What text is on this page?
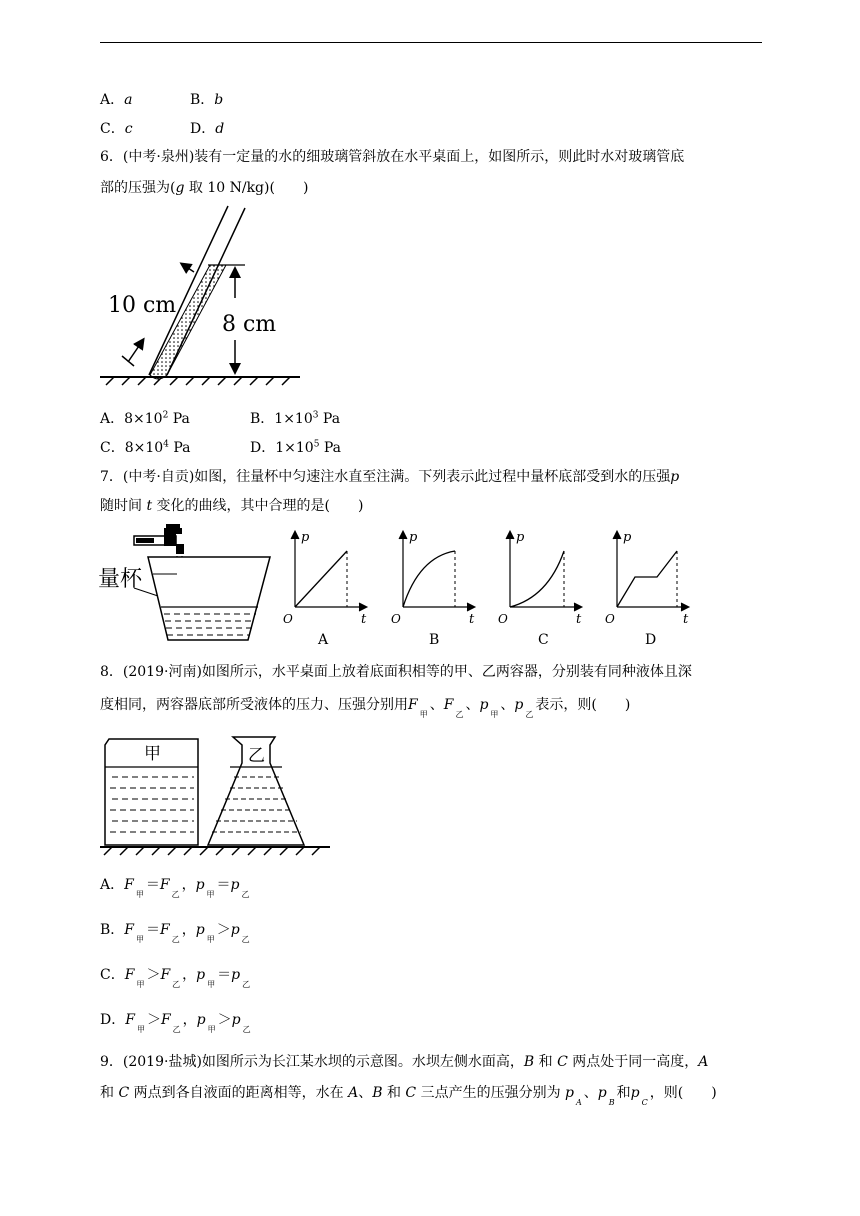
A．a	B．b
C．c	D．d
6．(中考·泉州)装有一定量的水的细玻璃管斜放在水平桌面上，如图所示，则此时水对玻璃管底
部的压强为(g 取 10 N/kg)(　　)
10 cm
8 cm
A．$8\times 10^2$ Pa	B．$1\times 10^3$ Pa
C．$8\times 10^4$ Pa	D．$1\times 10^5$ Pa
7．(中考·自贡)如图，往量杯中匀速注水直至注满。下列表示此过程中量杯底部受到水的压强p
随时间 t 变化的曲线，其中合理的是(　　)
量杯
p
t
O
A
p
t
O
B
p
t
O
C
p
t
O
D
8．(2019·河南)如图所示，水平桌面上放着底面积相等的甲、乙两容器，分别装有同种液体且深
度相同，两容器底部所受液体的压力、压强分别用$F_甲$、$F_乙$、$p_甲$、$p_乙$表示，则(　　)
甲	乙
A．$F_甲=F_乙$，$p_甲=p_乙$
B．$F_甲=F_乙$，$p_甲>p_乙$
C．$F_甲>F_乙$，$p_甲=p_乙$
D．$F_甲>F_乙$，$p_甲>p_乙$
9．(2019·盐城)如图所示为长江某水坝的示意图。水坝左侧水面高，B 和 C 两点处于同一高度，A
和 C 两点到各自液面的距离相等，水在 A、B 和 C 三点产生的压强分别为 $p_A$、$p_B$和$p_C$，则(　　)
